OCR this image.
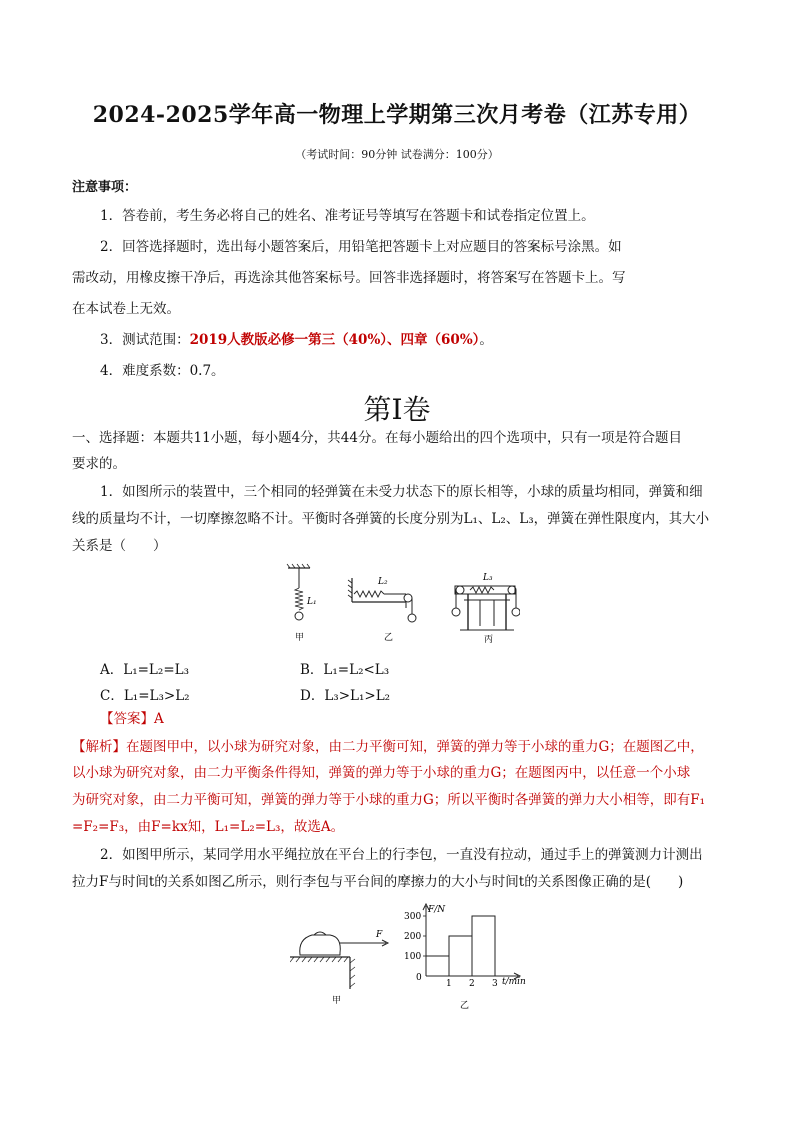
2024-2025学年高一物理上学期第三次月考卷（江苏专用）
（考试时间：90分钟 试卷满分：100分）
注意事项：
1．答卷前，考生务必将自己的姓名、准考证号等填写在答题卡和试卷指定位置上。
2．回答选择题时，选出每小题答案后，用铅笔把答题卡上对应题目的答案标号涂黑。如
需改动，用橡皮擦干净后，再选涂其他答案标号。回答非选择题时，将答案写在答题卡上。写
在本试卷上无效。
3．测试范围：2019人教版必修一第三（40%）、四章（60%）。
4．难度系数：0.7。
第Ⅰ卷
一、选择题：本题共11小题，每小题4分，共44分。在每小题给出的四个选项中，只有一项是符合题目
要求的。
1．如图所示的装置中，三个相同的轻弹簧在未受力状态下的原长相等，小球的质量均相同，弹簧和细
线的质量均不计，一切摩擦忽略不计。平衡时各弹簧的长度分别为L₁、L₂、L₃，弹簧在弹性限度内，其大小
关系是（　　）
L₁
甲
L₂
乙
L₃
丙
A．L₁=L₂=L₃	B．L₁=L₂<L₃
C．L₁=L₃>L₂	D．L₃>L₁>L₂
【答案】A
【解析】在题图甲中，以小球为研究对象，由二力平衡可知，弹簧的弹力等于小球的重力G；在题图乙中，
以小球为研究对象，由二力平衡条件得知，弹簧的弹力等于小球的重力G；在题图丙中，以任意一个小球
为研究对象，由二力平衡可知，弹簧的弹力等于小球的重力G；所以平衡时各弹簧的弹力大小相等，即有F₁
=F₂=F₃，由F=kx知，L₁=L₂=L₃，故选A。
2．如图甲所示，某同学用水平绳拉放在平台上的行李包，一直没有拉动，通过手上的弹簧测力计测出
拉力F与时间t的关系如图乙所示，则行李包与平台间的摩擦力的大小与时间t的关系图像正确的是(　　)
F
甲
F/N
t/min
0
100
200
300
1 2 3
乙
